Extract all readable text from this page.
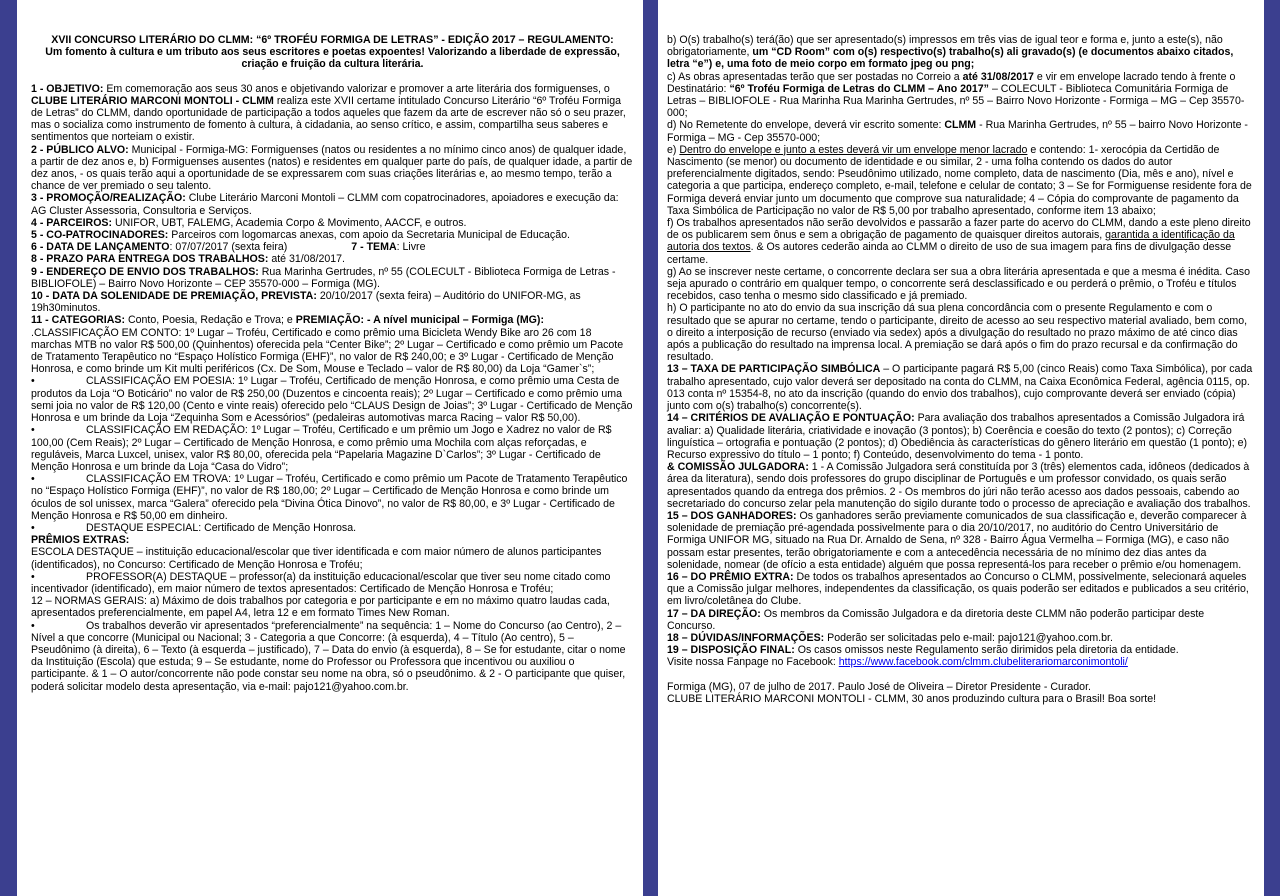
XVII CONCURSO LITERÁRIO DO CLMM: “6º TROFÉU FORMIGA DE LETRAS” - EDIÇÃO 2017 – REGULAMENTO:

Um fomento à cultura e um tributo aos seus escritores e poetas expoentes! Valorizando a liberdade de expressão, criação e fruição da cultura literária.

1 - OBJETIVO: Em comemoração aos seus 30 anos e objetivando valorizar e promover a arte literária dos formiguenses, o CLUBE LITERÁRIO MARCONI MONTOLI - CLMM realiza este XVII certame intitulado Concurso Literário “6º Troféu Formiga de Letras” do CLMM, dando oportunidade de participação a todos aqueles que fazem da arte de escrever não só o seu prazer, mas o socializa como instrumento de fomento à cultura, à cidadania, ao senso crítico, e assim, compartilha seus saberes e sentimentos que norteiam o existir.

2 - PÚBLICO ALVO: Municipal - Formiga-MG: Formiguenses (natos ou residentes a no mínimo cinco anos) de qualquer idade, a partir de dez anos e, b) Formiguenses ausentes (natos) e residentes em qualquer parte do país, de qualquer idade, a partir de dez anos, - os quais terão aqui a oportunidade de se expressarem com suas criações literárias e, ao mesmo tempo, terão a chance de ver premiado o seu talento.

3 - PROMOÇÃO/REALIZAÇÃO: Clube Literário Marconi Montoli – CLMM com copatrocinadores, apoiadores e execução da: AG Cluster Assessoria, Consultoria e Serviços.

4 - PARCEIROS: UNIFOR, UBT, FALEMG, Academia Corpo & Movimento, AACCF, e outros.

5 - CO-PATROCINADORES: Parceiros com logomarcas anexas, com apoio da Secretaria Municipal de Educação.

6 - DATA DE LANÇAMENTO: 07/07/2017 (sexta feira)	7 - TEMA: Livre

8 - PRAZO PARA ENTREGA DOS TRABALHOS: até 31/08/2017.

9 - ENDEREÇO DE ENVIO DOS TRABALHOS: Rua Marinha Gertrudes, nº 55 (COLECULT - Biblioteca Formiga de Letras - BIBLIOFOLE) – Bairro Novo Horizonte – CEP 35570-000 – Formiga (MG).

10 - DATA DA SOLENIDADE DE PREMIAÇÃO, PREVISTA: 20/10/2017 (sexta feira) – Auditório do UNIFOR-MG, as 19h30minutos.

11 - CATEGORIAS: Conto, Poesia, Redação e Trova; e PREMIAÇÃO: - A nível municipal – Formiga (MG):

.CLASSIFICAÇÃO EM CONTO: 1º Lugar – Troféu, Certificado e como prêmio uma Bicicleta Wendy Bike aro 26 com 18 marchas MTB no valor R$ 500,00 (Quinhentos) oferecida pela “Center Bike”; 2º Lugar – Certificado e como prêmio um Pacote de Tratamento Terapêutico no “Espaço Holístico Formiga (EHF)”, no valor de R$ 240,00; e 3º Lugar - Certificado de Menção Honrosa, e como brinde um Kit multi periféricos (Cx. De Som, Mouse e Teclado – valor de R$ 80,00) da Loja “Gamer`s”;

•	CLASSIFICAÇÃO EM POESIA: 1º Lugar – Troféu, Certificado de menção Honrosa, e como prêmio uma Cesta de produtos da Loja “O Boticário” no valor de R$ 250,00 (Duzentos e cincoenta reais); 2º Lugar – Certificado e como prêmio uma semi joia no valor de R$ 120,00 (Cento e vinte reais) oferecido pelo “CLAUS Design de Joias”; 3º Lugar - Certificado de Menção Honrosa e um brinde da Loja “Zequinha Som e Acessórios” (pedaleiras automotivas marca Racing – valor R$ 50,00).

•	CLASSIFICAÇÃO EM REDAÇÃO: 1º Lugar – Troféu, Certificado e um prêmio um Jogo e Xadrez no valor de R$ 100,00 (Cem Reais); 2º Lugar – Certificado de Menção Honrosa, e como prêmio uma Mochila com alças reforçadas, e reguláveis, Marca Luxcel, unisex, valor R$ 80,00, oferecida pela “Papelaria Magazine D`Carlos”; 3º Lugar - Certificado de Menção Honrosa e um brinde da Loja “Casa do Vidro”;

•	CLASSIFICAÇÃO EM TROVA: 1º Lugar – Troféu, Certificado e como prêmio um Pacote de Tratamento Terapêutico no “Espaço Holístico Formiga (EHF)”, no valor de R$ 180,00; 2º Lugar – Certificado de Menção Honrosa e como brinde um óculos de sol unissex, marca “Galera” oferecido pela “Divina Ótica Dinovo”, no valor de R$ 80,00, e 3º Lugar - Certificado de Menção Honrosa e R$ 50,00 em dinheiro.

•	DESTAQUE ESPECIAL: Certificado de Menção Honrosa.

PRÊMIOS EXTRAS:

ESCOLA DESTAQUE – instituição educacional/escolar que tiver identificada e com maior número de alunos participantes (identificados), no Concurso: Certificado de Menção Honrosa e Troféu;

•	PROFESSOR(A) DESTAQUE – professor(a) da instituição educacional/escolar que tiver seu nome citado como incentivador (identificado), em maior número de textos apresentados: Certificado de Menção Honrosa e Troféu;

12 – NORMAS GERAIS: a) Máximo de dois trabalhos por categoria e por participante e em no máximo quatro laudas cada, apresentados preferencialmente, em papel A4, letra 12 e em formato Times New Roman.

•	Os trabalhos deverão vir apresentados “preferencialmente” na sequência: 1 – Nome do Concurso (ao Centro), 2 – Nível a que concorre (Municipal ou Nacional; 3 - Categoria a que Concorre: (à esquerda), 4 – Título (Ao centro), 5 – Pseudônimo (à direita), 6 – Texto (à esquerda – justificado), 7 – Data do envio (à esquerda), 8 – Se for estudante, citar o nome da Instituição (Escola) que estuda; 9 – Se estudante, nome do Professor ou Professora que incentivou ou auxiliou o participante. & 1 – O autor/concorrente não pode constar seu nome na obra, só o pseudônimo. & 2 - O participante que quiser, poderá solicitar modelo desta apresentação, via e-mail: pajo121@yahoo.com.br.

b) O(s) trabalho(s) terá(ão) que ser apresentado(s) impressos em três vias de igual teor e forma e, junto a este(s), não obrigatoriamente, um “CD Room” com o(s) respectivo(s) trabalho(s) ali gravado(s) (e documentos abaixo citados, letra “e”) e, uma foto de meio corpo em formato jpeg ou png;

c) As obras apresentadas terão que ser postadas no Correio a até 31/08/2017 e vir em envelope lacrado tendo à frente o Destinatário: “6º Troféu Formiga de Letras do CLMM – Ano 2017” – COLECULT - Biblioteca Comunitária Formiga de Letras – BIBLIOFOLE - Rua Marinha Rua Marinha Gertrudes, nº 55 – Bairro Novo Horizonte - Formiga – MG – Cep 35570-000;

d) No Remetente do envelope, deverá vir escrito somente: CLMM - Rua Marinha Gertrudes, nº 55 – bairro Novo Horizonte - Formiga – MG - Cep 35570-000;

e) Dentro do envelope e junto a estes deverá vir um envelope menor lacrado e contendo: 1- xerocópia da Certidão de Nascimento (se menor) ou documento de identidade e ou similar, 2 - uma folha contendo os dados do autor preferencialmente digitados, sendo: Pseudônimo utilizado, nome completo, data de nascimento (Dia, mês e ano), nível e categoria a que participa, endereço completo, e-mail, telefone e celular de contato; 3 – Se for Formiguense residente fora de Formiga deverá enviar junto um documento que comprove sua naturalidade; 4 – Cópia do comprovante de pagamento da Taxa Simbólica de Participação no valor de R$ 5,00 por trabalho apresentado, conforme item 13 abaixo;

f) Os trabalhos apresentados não serão devolvidos e passarão a fazer parte do acervo do CLMM, dando a este pleno direito de os publicarem sem ônus e sem a obrigação de pagamento de quaisquer direitos autorais, garantida a identificação da autoria dos textos. & Os autores cederão ainda ao CLMM o direito de uso de sua imagem para fins de divulgação desse certame.

g) Ao se inscrever neste certame, o concorrente declara ser sua a obra literária apresentada e que a mesma é inédita. Caso seja apurado o contrário em qualquer tempo, o concorrente será desclassificado e ou perderá o prêmio, o Troféu e títulos recebidos, caso tenha o mesmo sido classificado e já premiado.

h) O participante no ato do envio da sua inscrição dá sua plena concordância com o presente Regulamento e com o resultado que se apurar no certame, tendo o participante, direito de acesso ao seu respectivo material avaliado, bem como, o direito a interposição de recurso (enviado via sedex) após a divulgação do resultado no prazo máximo de até cinco dias após a publicação do resultado na imprensa local. A premiação se dará após o fim do prazo recursal e da confirmação do resultado.

13 – TAXA DE PARTICIPAÇÃO SIMBÓLICA – O participante pagará R$ 5,00 (cinco Reais) como Taxa Simbólica), por cada trabalho apresentado, cujo valor deverá ser depositado na conta do CLMM, na Caixa Econômica Federal, agência 0115, op. 013 conta nº 15354-8, no ato da inscrição (quando do envio dos trabalhos), cujo comprovante deverá ser enviado (cópia) junto com o(s) trabalho(s) concorrente(s).

14 – CRITÉRIOS DE AVALIAÇÃO E PONTUAÇÃO: Para avaliação dos trabalhos apresentados a Comissão Julgadora irá avaliar: a) Qualidade literária, criatividade e inovação (3 pontos); b) Coerência e coesão do texto (2 pontos); c) Correção linguística – ortografia e pontuação (2 pontos); d) Obediência às características do gênero literário em questão (1 ponto); e) Recurso expressivo do título – 1 ponto; f) Conteúdo, desenvolvimento do tema - 1 ponto.

& COMISSÃO JULGADORA: 1 - A Comissão Julgadora será constituída por 3 (três) elementos cada, idôneos (dedicados à área da literatura), sendo dois professores do grupo disciplinar de Português e um professor convidado, os quais serão apresentados quando da entrega dos prêmios. 2 - Os membros do júri não terão acesso aos dados pessoais, cabendo ao secretariado do concurso zelar pela manutenção do sigilo durante todo o processo de apreciação e avaliação dos trabalhos.

15 – DOS GANHADORES: Os ganhadores serão previamente comunicados de sua classificação e, deverão comparecer à solenidade de premiação pré-agendada possivelmente para o dia 20/10/2017, no auditório do Centro Universitário de Formiga UNIFOR MG, situado na Rua Dr. Arnaldo de Sena, nº 328 - Bairro Água Vermelha – Formiga (MG), e caso não possam estar presentes, terão obrigatoriamente e com a antecedência necessária de no mínimo dez dias antes da solenidade, nomear (de ofício a esta entidade) alguém que possa representá-los para receber o prêmio e/ou homenagem.

16 – DO PRÊMIO EXTRA: De todos os trabalhos apresentados ao Concurso o CLMM, possivelmente, selecionará aqueles que a Comissão julgar melhores, independentes da classificação, os quais poderão ser editados e publicados a seu critério, em livro/coletânea do Clube.

17 – DA DIREÇÃO: Os membros da Comissão Julgadora e da diretoria deste CLMM não poderão participar deste Concurso.

18 – DÚVIDAS/INFORMAÇÕES: Poderão ser solicitadas pelo e-mail: pajo121@yahoo.com.br.

19 – DISPOSIÇÃO FINAL: Os casos omissos neste Regulamento serão dirimidos pela diretoria da entidade.

Visite nossa Fanpage no Facebook: https://www.facebook.com/clmm.clubeliterariomarconimontoli/

Formiga (MG), 07 de julho de 2017. Paulo José de Oliveira – Diretor Presidente - Curador.

CLUBE LITERÁRIO MARCONI MONTOLI - CLMM, 30 anos produzindo cultura para o Brasil! Boa sorte!
